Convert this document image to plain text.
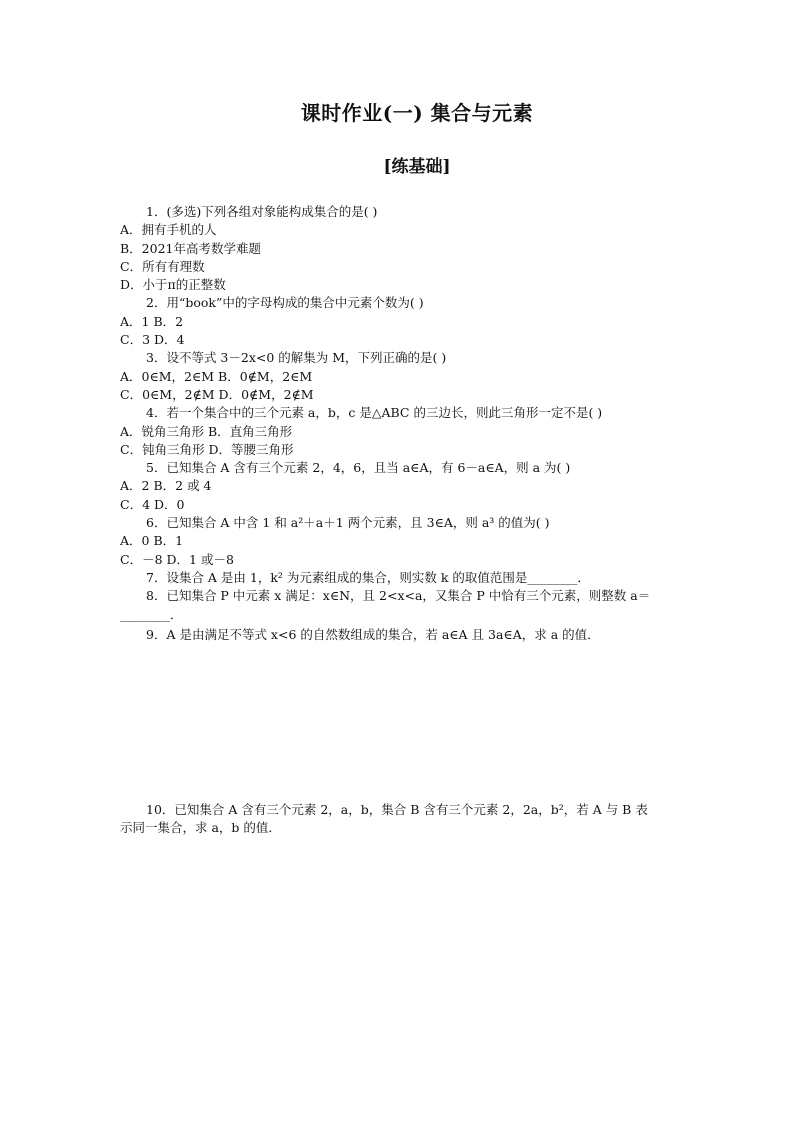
课时作业(一) 集合与元素
[练基础]
1．(多选)下列各组对象能构成集合的是( )
A．拥有手机的人
B．2021年高考数学难题
C．所有有理数
D．小于π的正整数
2．用“book”中的字母构成的集合中元素个数为( )
A．1 B．2
C．3 D．4
3．设不等式 3－2x<0 的解集为 M，下列正确的是( )
A．0∈M，2∈M B．0∉M，2∈M
C．0∈M，2∉M D．0∉M，2∉M
4．若一个集合中的三个元素 a，b，c 是△ABC 的三边长，则此三角形一定不是( )
A．锐角三角形 B．直角三角形
C．钝角三角形 D．等腰三角形
5．已知集合 A 含有三个元素 2，4，6，且当 a∈A，有 6－a∈A，则 a 为( )
A．2 B．2 或 4
C．4 D．0
6．已知集合 A 中含 1 和 a²＋a＋1 两个元素，且 3∈A，则 a³ 的值为( )
A．0 B．1
C．－8 D．1 或－8
7．设集合 A 是由 1，k² 为元素组成的集合，则实数 k 的取值范围是________．
8．已知集合 P 中元素 x 满足：x∈N，且 2<x<a，又集合 P 中恰有三个元素，则整数 a＝
________．
9．A 是由满足不等式 x<6 的自然数组成的集合，若 a∈A 且 3a∈A，求 a 的值．
10．已知集合 A 含有三个元素 2，a，b，集合 B 含有三个元素 2，2a，b²，若 A 与 B 表
示同一集合，求 a，b 的值．
